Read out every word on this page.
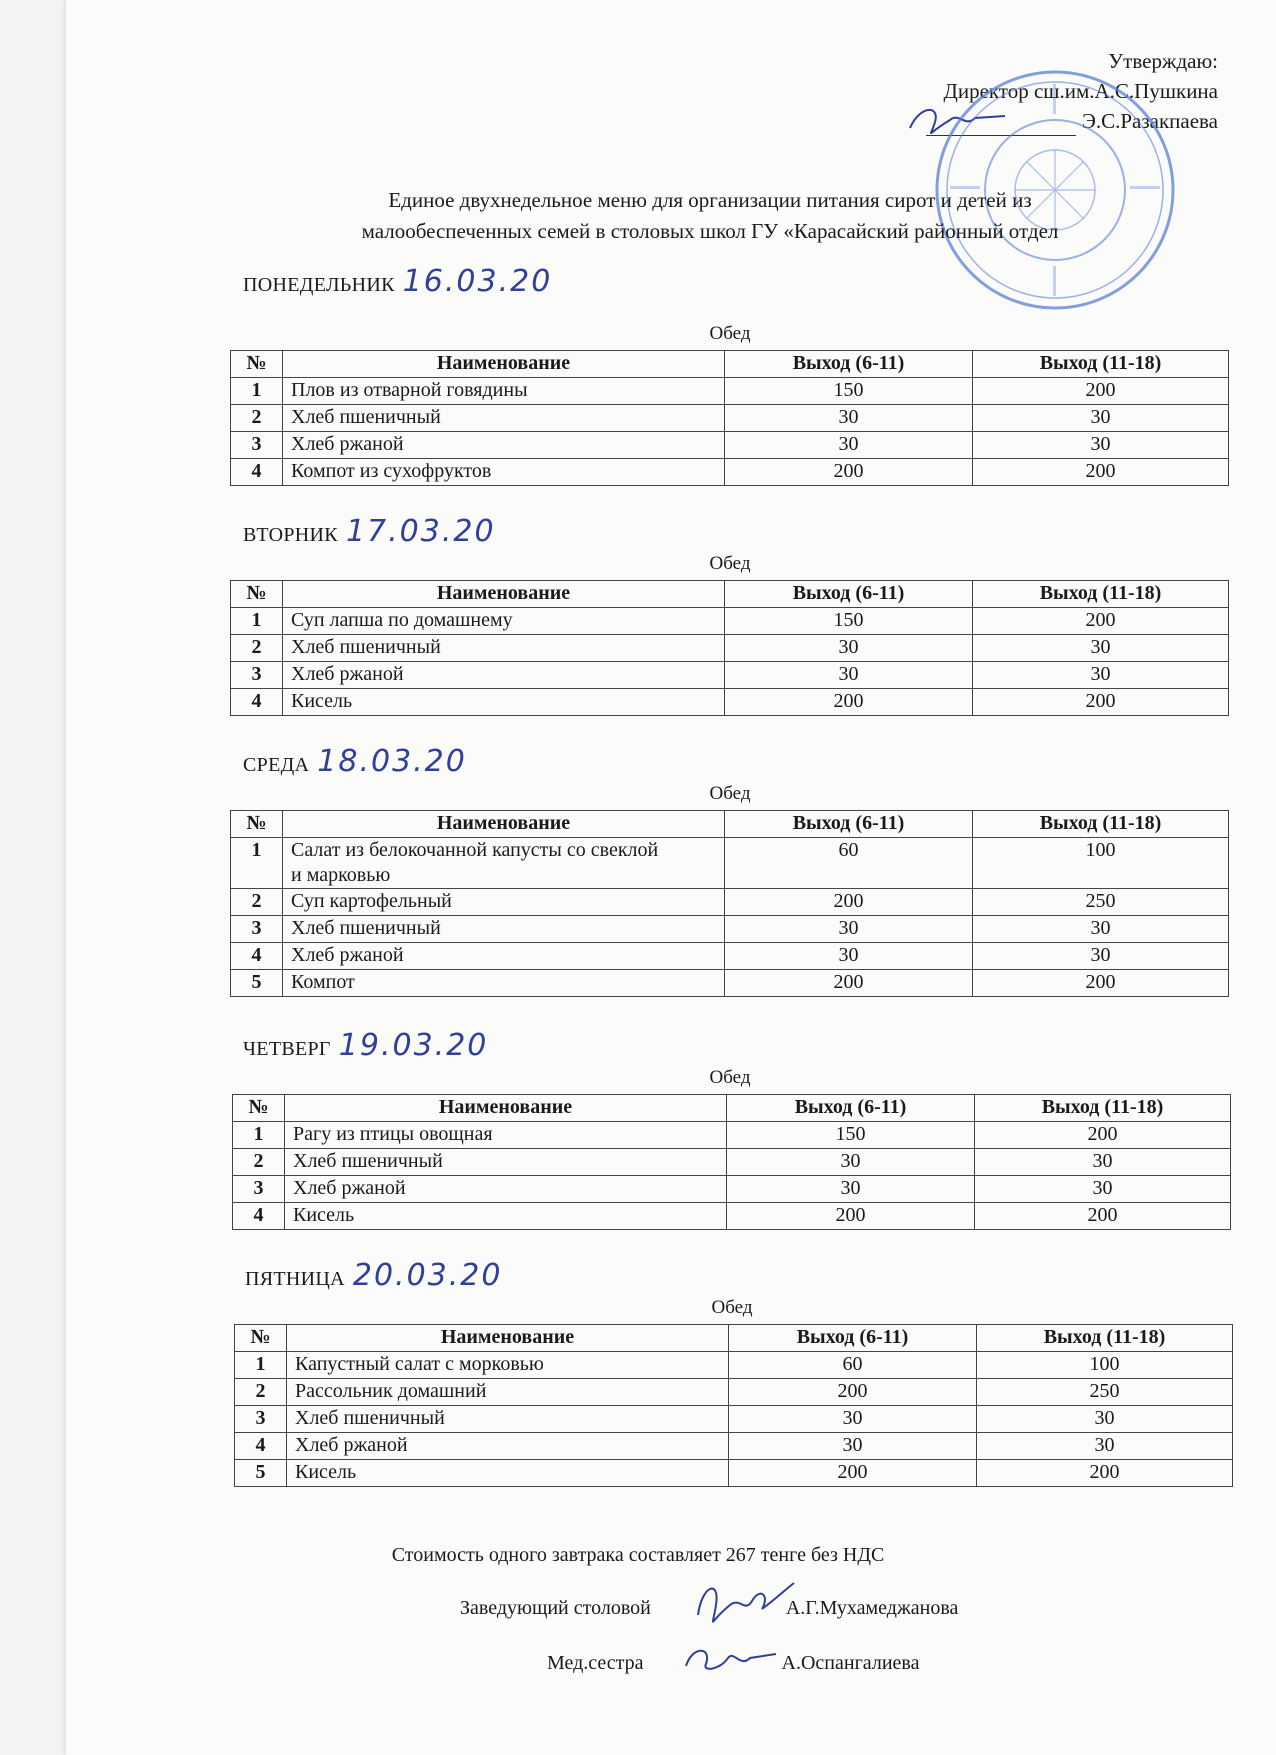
Утверждаю:
Директор сш.им.А.С.Пушкина
Э.С.Разакпаева
Единое двухнедельное меню для организации питания сирот и детей из
малообеспеченных семей в столовых школ ГУ «Карасайский районный отдел
ПОНЕДЕЛЬНИК 16.03.20
Обед
№	Наименование	Выход (6-11)	Выход (11-18)
1	Плов из отварной говядины	150	200
2	Хлеб пшеничный	30	30
3	Хлеб ржаной	30	30
4	Компот из сухофруктов	200	200
ВТОРНИК 17.03.20
Обед
№	Наименование	Выход (6-11)	Выход (11-18)
1	Суп лапша по домашнему	150	200
2	Хлеб пшеничный	30	30
3	Хлеб ржаной	30	30
4	Кисель	200	200
СРЕДА 18.03.20
Обед
№	Наименование	Выход (6-11)	Выход (11-18)
1	Салат из белокочанной капусты со свеклой и марковью	60	100
2	Суп картофельный	200	250
3	Хлеб пшеничный	30	30
4	Хлеб ржаной	30	30
5	Компот	200	200
ЧЕТВЕРГ 19.03.20
Обед
№	Наименование	Выход (6-11)	Выход (11-18)
1	Рагу из птицы овощная	150	200
2	Хлеб пшеничный	30	30
3	Хлеб ржаной	30	30
4	Кисель	200	200
ПЯТНИЦА 20.03.20
Обед
№	Наименование	Выход (6-11)	Выход (11-18)
1	Капустный салат с морковью	60	100
2	Рассольник домашний	200	250
3	Хлеб пшеничный	30	30
4	Хлеб ржаной	30	30
5	Кисель	200	200
Стоимость одного завтрака составляет 267 тенге без НДС
Заведующий столовой	А.Г.Мухамеджанова
Мед.сестра	А.Оспангалиева
